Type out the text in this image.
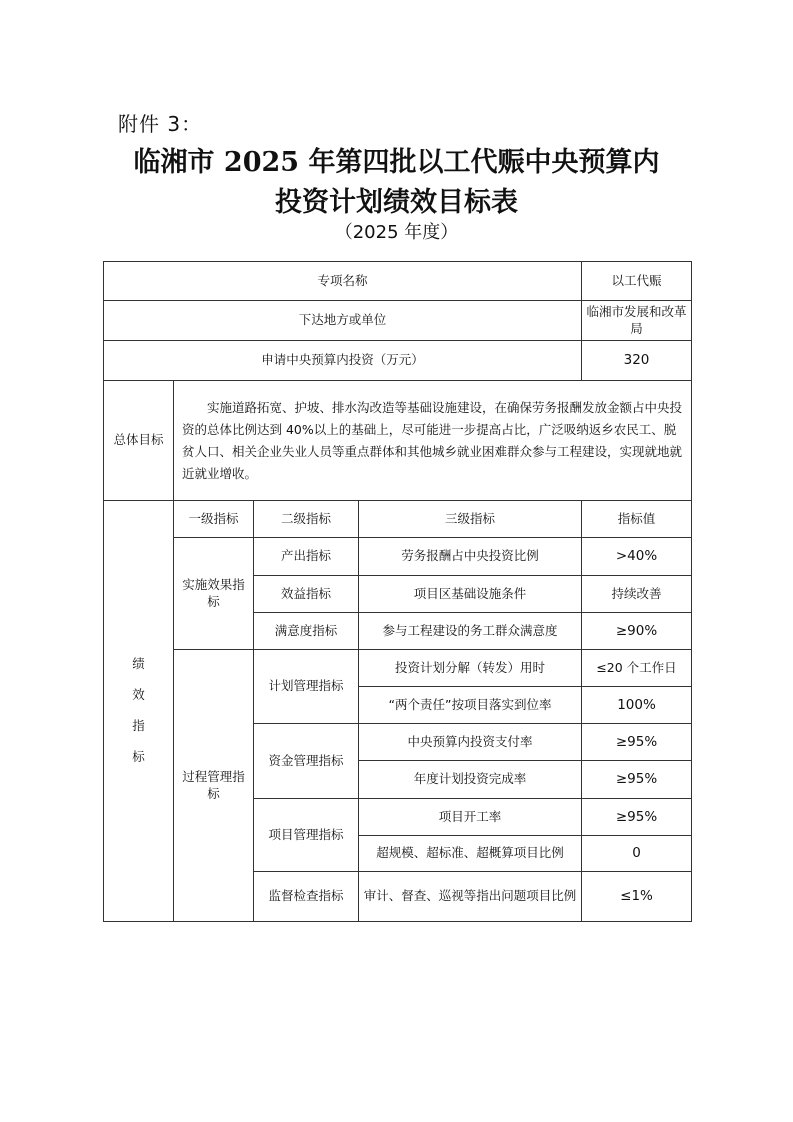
附件 3：
临湘市 2025 年第四批以工代赈中央预算内
投资计划绩效目标表
（2025 年度）
专项名称				以工代赈
下达地方或单位				临湘市发展和改革局
申请中央预算内投资（万元）				320
总体目标	实施道路拓宽、护坡、排水沟改造等基础设施建设，在确保劳务报酬发放金额占中央投资的总体比例达到 40%以上的基础上，尽可能进一步提高占比，广泛吸纳返乡农民工、脱贫人口、相关企业失业人员等重点群体和其他城乡就业困难群众参与工程建设，实现就地就近就业增收。			

绩
效
指
标	一级指标	二级指标	三级指标	指标值
	实施效果指标	产出指标	劳务报酬占中央投资比例	>40%
		效益指标	项目区基础设施条件	持续改善
		满意度指标	参与工程建设的务工群众满意度	≥90%
	过程管理指标	计划管理指标	投资计划分解（转发）用时	≤20 个工作日
			“两个责任”按项目落实到位率	100%
		资金管理指标	中央预算内投资支付率	≥95%
			年度计划投资完成率	≥95%
		项目管理指标	项目开工率	≥95%
			超规模、超标准、超概算项目比例	0
		监督检查指标	审计、督查、巡视等指出问题项目比例	≤1%
